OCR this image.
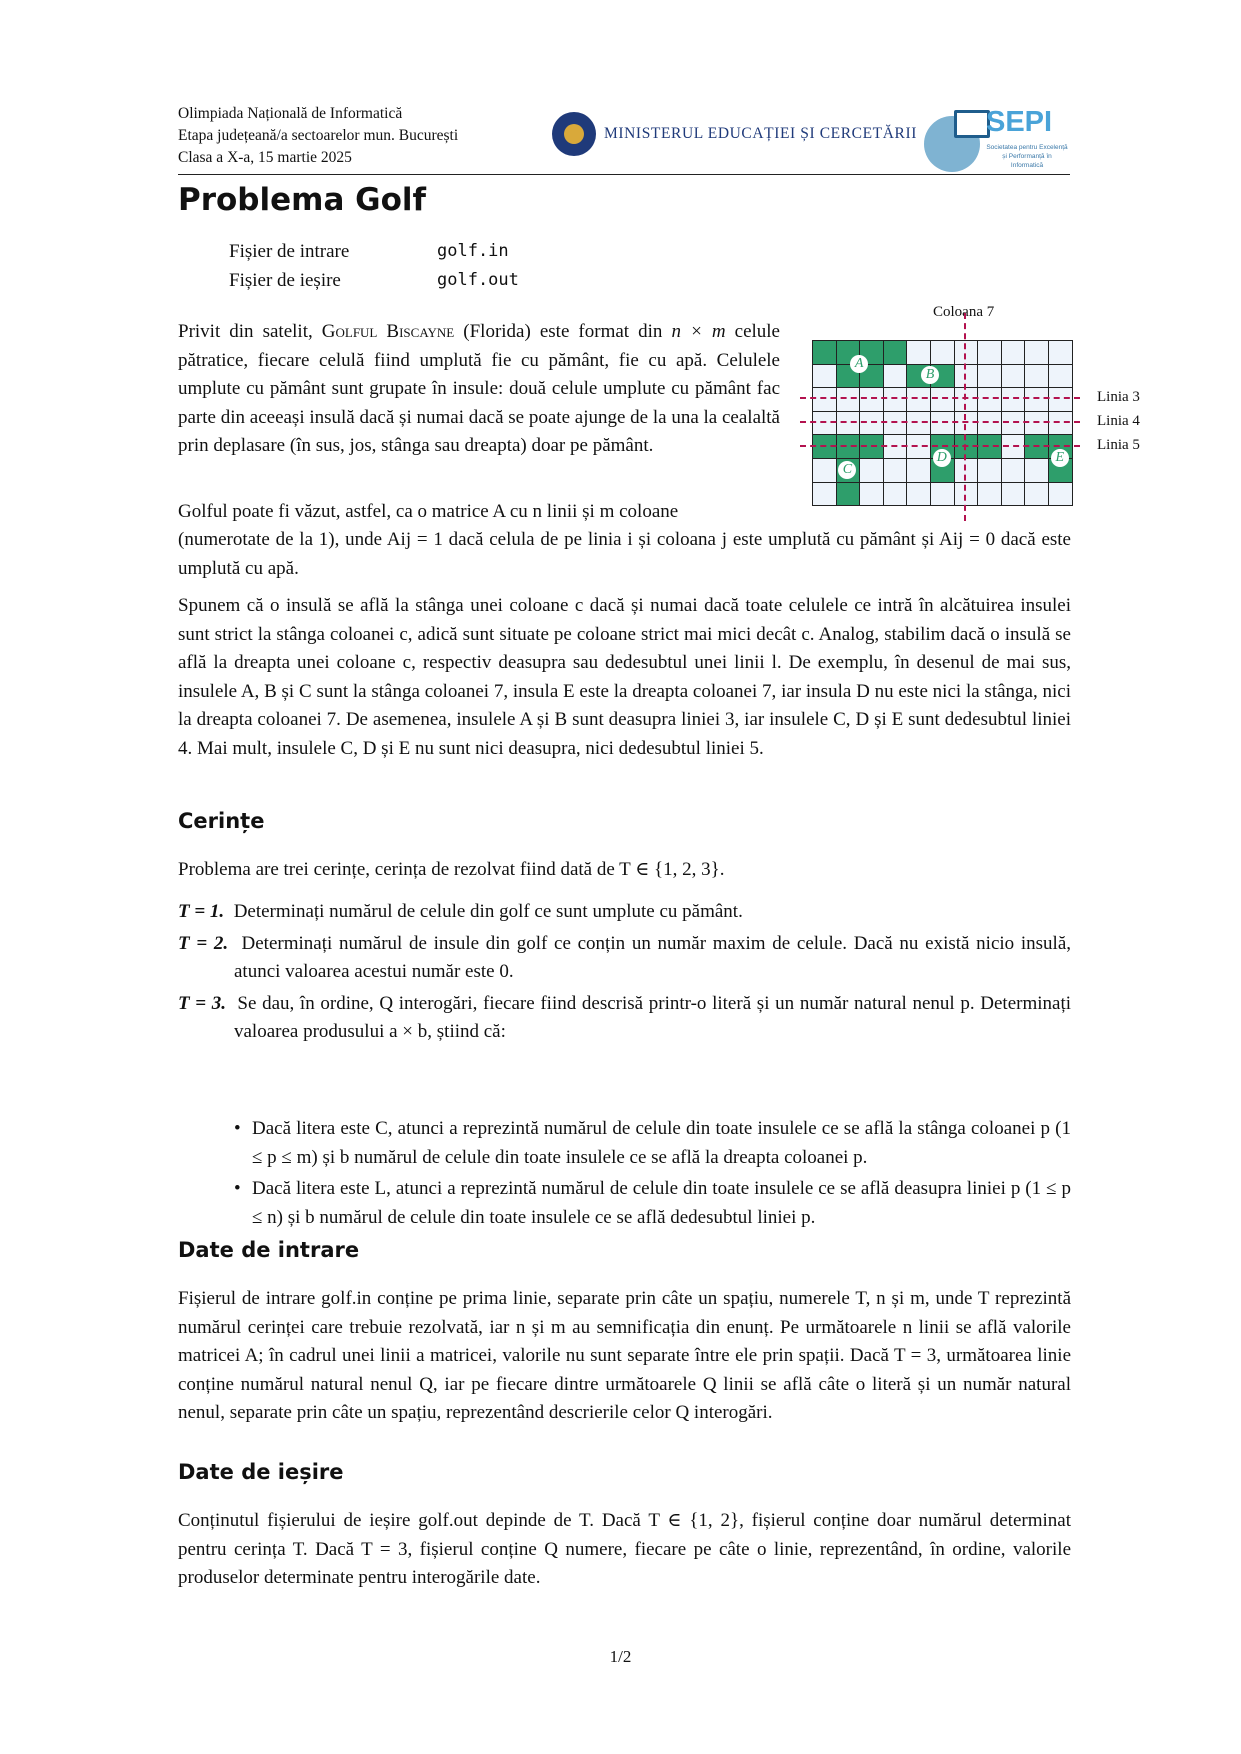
Olimpiada Națională de Informatică
Etapa județeană/a sectoarelor mun. București
Clasa a X-a, 15 martie 2025
MINISTERUL EDUCAȚIEI ȘI CERCETĂRII SEPI
Societatea pentru Excelență și Performanță în Informatică
Problema Golf
Fișier de intrare	golf.in
Fișier de ieșire	golf.out

Privit din satelit, Golful Biscayne (Florida) este format din n × m celule pătratice, fiecare celulă fiind umplută fie cu pământ, fie cu apă. Celulele umplute cu pământ sunt grupate în insule: două celule umplute cu pământ fac parte din aceeași insulă dacă și numai dacă se poate ajunge de la una la cealaltă prin deplasare (în sus, jos, stânga sau dreapta) doar pe pământ.

Coloana 7
Linia 3
Linia 4
Linia 5
A
B
C
D	E

Golful poate fi văzut, astfel, ca o matrice A cu n linii și m coloane

(numerotate de la 1), unde Aij = 1 dacă celula de pe linia i și coloana j este umplută cu pământ și Aij = 0 dacă este umplută cu apă.

Spunem că o insulă se află la stânga unei coloane c dacă și numai dacă toate celulele ce intră în alcătuirea insulei sunt strict la stânga coloanei c, adică sunt situate pe coloane strict mai mici decât c. Analog, stabilim dacă o insulă se află la dreapta unei coloane c, respectiv deasupra sau dedesubtul unei linii l. De exemplu, în desenul de mai sus, insulele A, B și C sunt la stânga coloanei 7, insula E este la dreapta coloanei 7, iar insula D nu este nici la stânga, nici la dreapta coloanei 7. De asemenea, insulele A și B sunt deasupra liniei 3, iar insulele C, D și E sunt dedesubtul liniei 4. Mai mult, insulele C, D și E nu sunt nici deasupra, nici dedesubtul liniei 5.

Cerințe

Problema are trei cerințe, cerința de rezolvat fiind dată de T ∈ {1, 2, 3}.

T = 1. Determinați numărul de celule din golf ce sunt umplute cu pământ.
T = 2. Determinați numărul de insule din golf ce conțin un număr maxim de celule. Dacă nu există nicio insulă, atunci valoarea acestui număr este 0.
T = 3. Se dau, în ordine, Q interogări, fiecare fiind descrisă printr-o literă și un număr natural nenul p. Determinați valoarea produsului a × b, știind că:
• Dacă litera este C, atunci a reprezintă numărul de celule din toate insulele ce se află la stânga coloanei p (1 ≤ p ≤ m) și b numărul de celule din toate insulele ce se află la dreapta coloanei p.
• Dacă litera este L, atunci a reprezintă numărul de celule din toate insulele ce se află deasupra liniei p (1 ≤ p ≤ n) și b numărul de celule din toate insulele ce se află dedesubtul liniei p.
Date de intrare

Fișierul de intrare golf.in conține pe prima linie, separate prin câte un spațiu, numerele T, n și m, unde T reprezintă numărul cerinței care trebuie rezolvată, iar n și m au semnificația din enunț. Pe următoarele n linii se află valorile matricei A; în cadrul unei linii a matricei, valorile nu sunt separate între ele prin spații. Dacă T = 3, următoarea linie conține numărul natural nenul Q, iar pe fiecare dintre următoarele Q linii se află câte o literă și un număr natural nenul, separate prin câte un spațiu, reprezentând descrierile celor Q interogări.

Date de ieșire

Conținutul fișierului de ieșire golf.out depinde de T. Dacă T ∈ {1, 2}, fișierul conține doar numărul determinat pentru cerința T. Dacă T = 3, fișierul conține Q numere, fiecare pe câte o linie, reprezentând, în ordine, valorile produselor determinate pentru interogările date.

1/2
